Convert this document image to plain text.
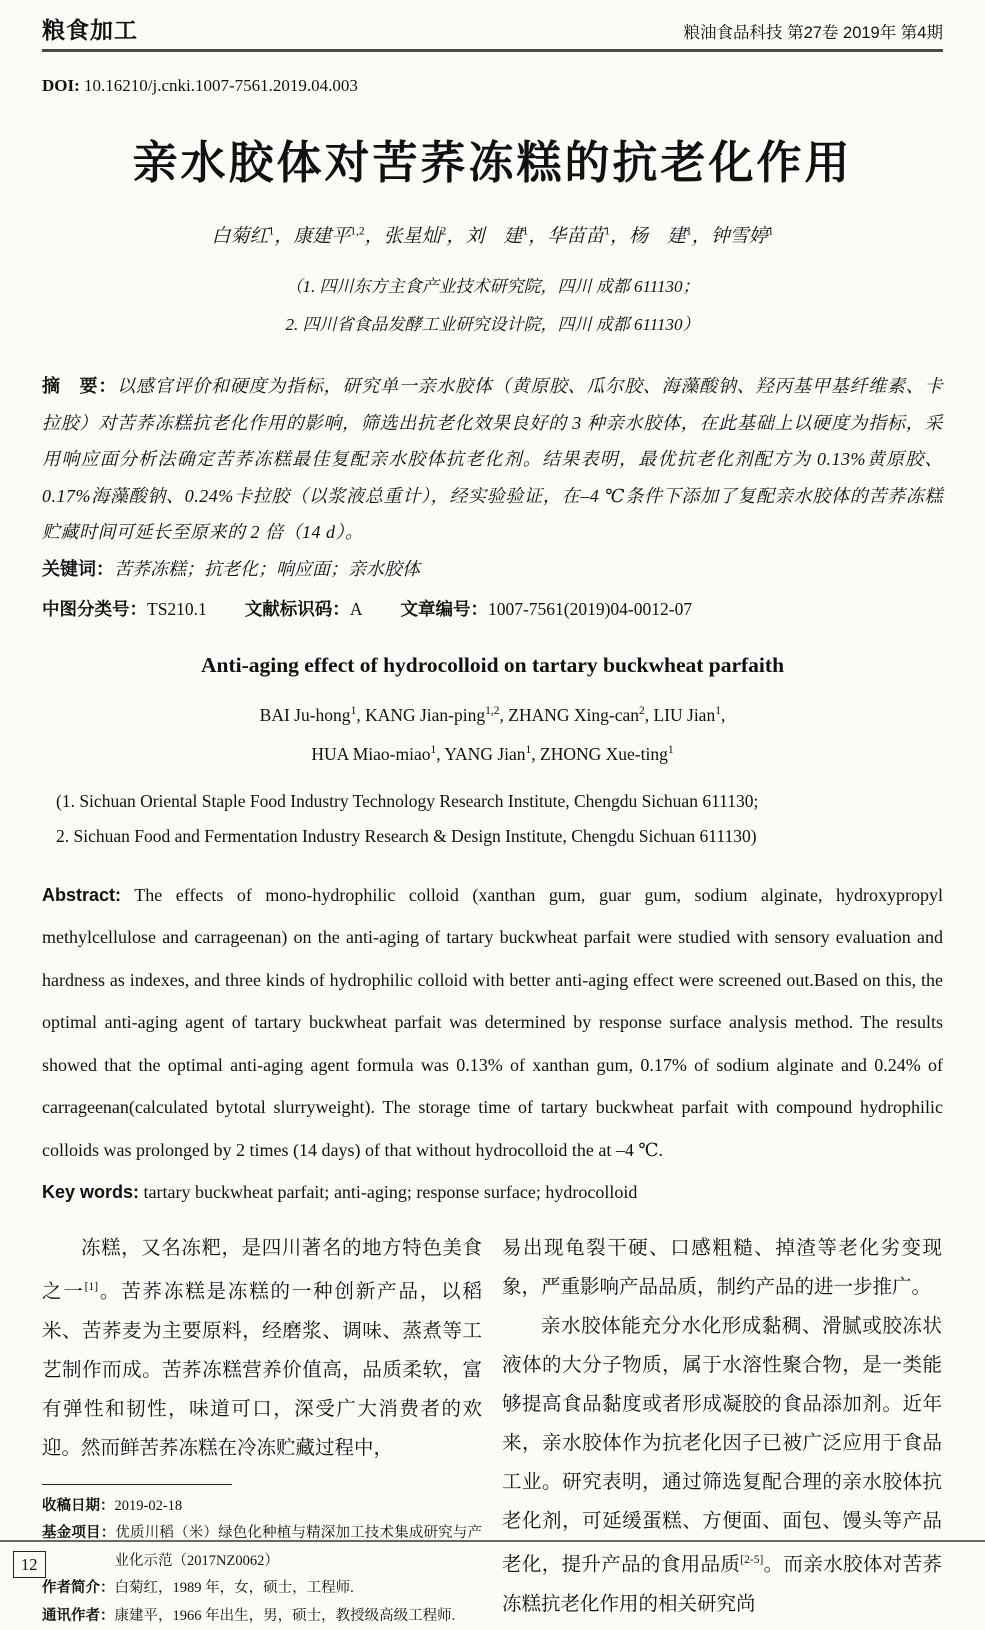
粮食加工	粮油食品科技 第27卷 2019年 第4期
DOI: 10.16210/j.cnki.1007-7561.2019.04.003
亲水胶体对苦荞冻糕的抗老化作用
白菊红$^1$，康建平$^{1,2}$，张星灿$^2$，刘　建$^1$，华苗苗$^1$，杨　建$^1$，钟雪婷$^1$
（1. 四川东方主食产业技术研究院，四川 成都 611130；
2. 四川省食品发酵工业研究设计院，四川 成都 611130）
摘　要：以感官评价和硬度为指标，研究单一亲水胶体（黄原胶、瓜尔胶、海藻酸钠、羟丙基甲基纤维素、卡拉胶）对苦荞冻糕抗老化作用的影响，筛选出抗老化效果良好的 3 种亲水胶体，在此基础上以硬度为指标，采用响应面分析法确定苦荞冻糕最佳复配亲水胶体抗老化剂。结果表明，最优抗老化剂配方为 0.13%黄原胶、0.17%海藻酸钠、0.24%卡拉胶（以浆液总重计），经实验验证，在–4 ℃条件下添加了复配亲水胶体的苦荞冻糕贮藏时间可延长至原来的 2 倍（14 d）。
关键词：苦荞冻糕；抗老化；响应面；亲水胶体
中图分类号：TS210.1 文献标识码：A 文章编号：1007-7561(2019)04-0012-07
Anti-aging effect of hydrocolloid on tartary buckwheat parfaith
BAI Ju-hong$^1$, KANG Jian-ping$^{1,2}$, ZHANG Xing-can$^2$, LIU Jian$^1$,
HUA Miao-miao$^1$, YANG Jian$^1$, ZHONG Xue-ting$^1$
(1. Sichuan Oriental Staple Food Industry Technology Research Institute, Chengdu Sichuan 611130;
2. Sichuan Food and Fermentation Industry Research & Design Institute, Chengdu Sichuan 611130)
Abstract: The effects of mono-hydrophilic colloid (xanthan gum, guar gum, sodium alginate, hydroxypropyl methylcellulose and carrageenan) on the anti-aging of tartary buckwheat parfait were studied with sensory evaluation and hardness as indexes, and three kinds of hydrophilic colloid with better anti-aging effect were screened out.Based on this, the optimal anti-aging agent of tartary buckwheat parfait was determined by response surface analysis method. The results showed that the optimal anti-aging agent formula was 0.13% of xanthan gum, 0.17% of sodium alginate and 0.24% of carrageenan(calculated bytotal slurryweight). The storage time of tartary buckwheat parfait with compound hydrophilic colloids was prolonged by 2 times (14 days) of that without hydrocolloid the at –4 ℃.
Key words: tartary buckwheat parfait; anti-aging; response surface; hydrocolloid

冻糕，又名冻粑，是四川著名的地方特色美食之一[1]。苦荞冻糕是冻糕的一种创新产品，以稻米、苦荞麦为主要原料，经磨浆、调味、蒸煮等工艺制作而成。苦荞冻糕营养价值高，品质柔软，富有弹性和韧性，味道可口，深受广大消费者的欢迎。然而鲜苦荞冻糕在冷冻贮藏过程中，

收稿日期：2019-02-18
基金项目：优质川稻（米）绿色化种植与精深加工技术集成研究与产业化示范（2017NZ0062）
作者简介：白菊红，1989 年，女，硕士，工程师.
通讯作者：康建平，1966 年出生，男，硕士，教授级高级工程师.

易出现龟裂干硬、口感粗糙、掉渣等老化劣变现象，严重影响产品品质，制约产品的进一步推广。

亲水胶体能充分水化形成黏稠、滑腻或胶冻状液体的大分子物质，属于水溶性聚合物，是一类能够提高食品黏度或者形成凝胶的食品添加剂。近年来，亲水胶体作为抗老化因子已被广泛应用于食品工业。研究表明，通过筛选复配合理的亲水胶体抗老化剂，可延缓蛋糕、方便面、面包、馒头等产品老化，提升产品的食用品质[2-5]。而亲水胶体对苦荞冻糕抗老化作用的相关研究尚

12
